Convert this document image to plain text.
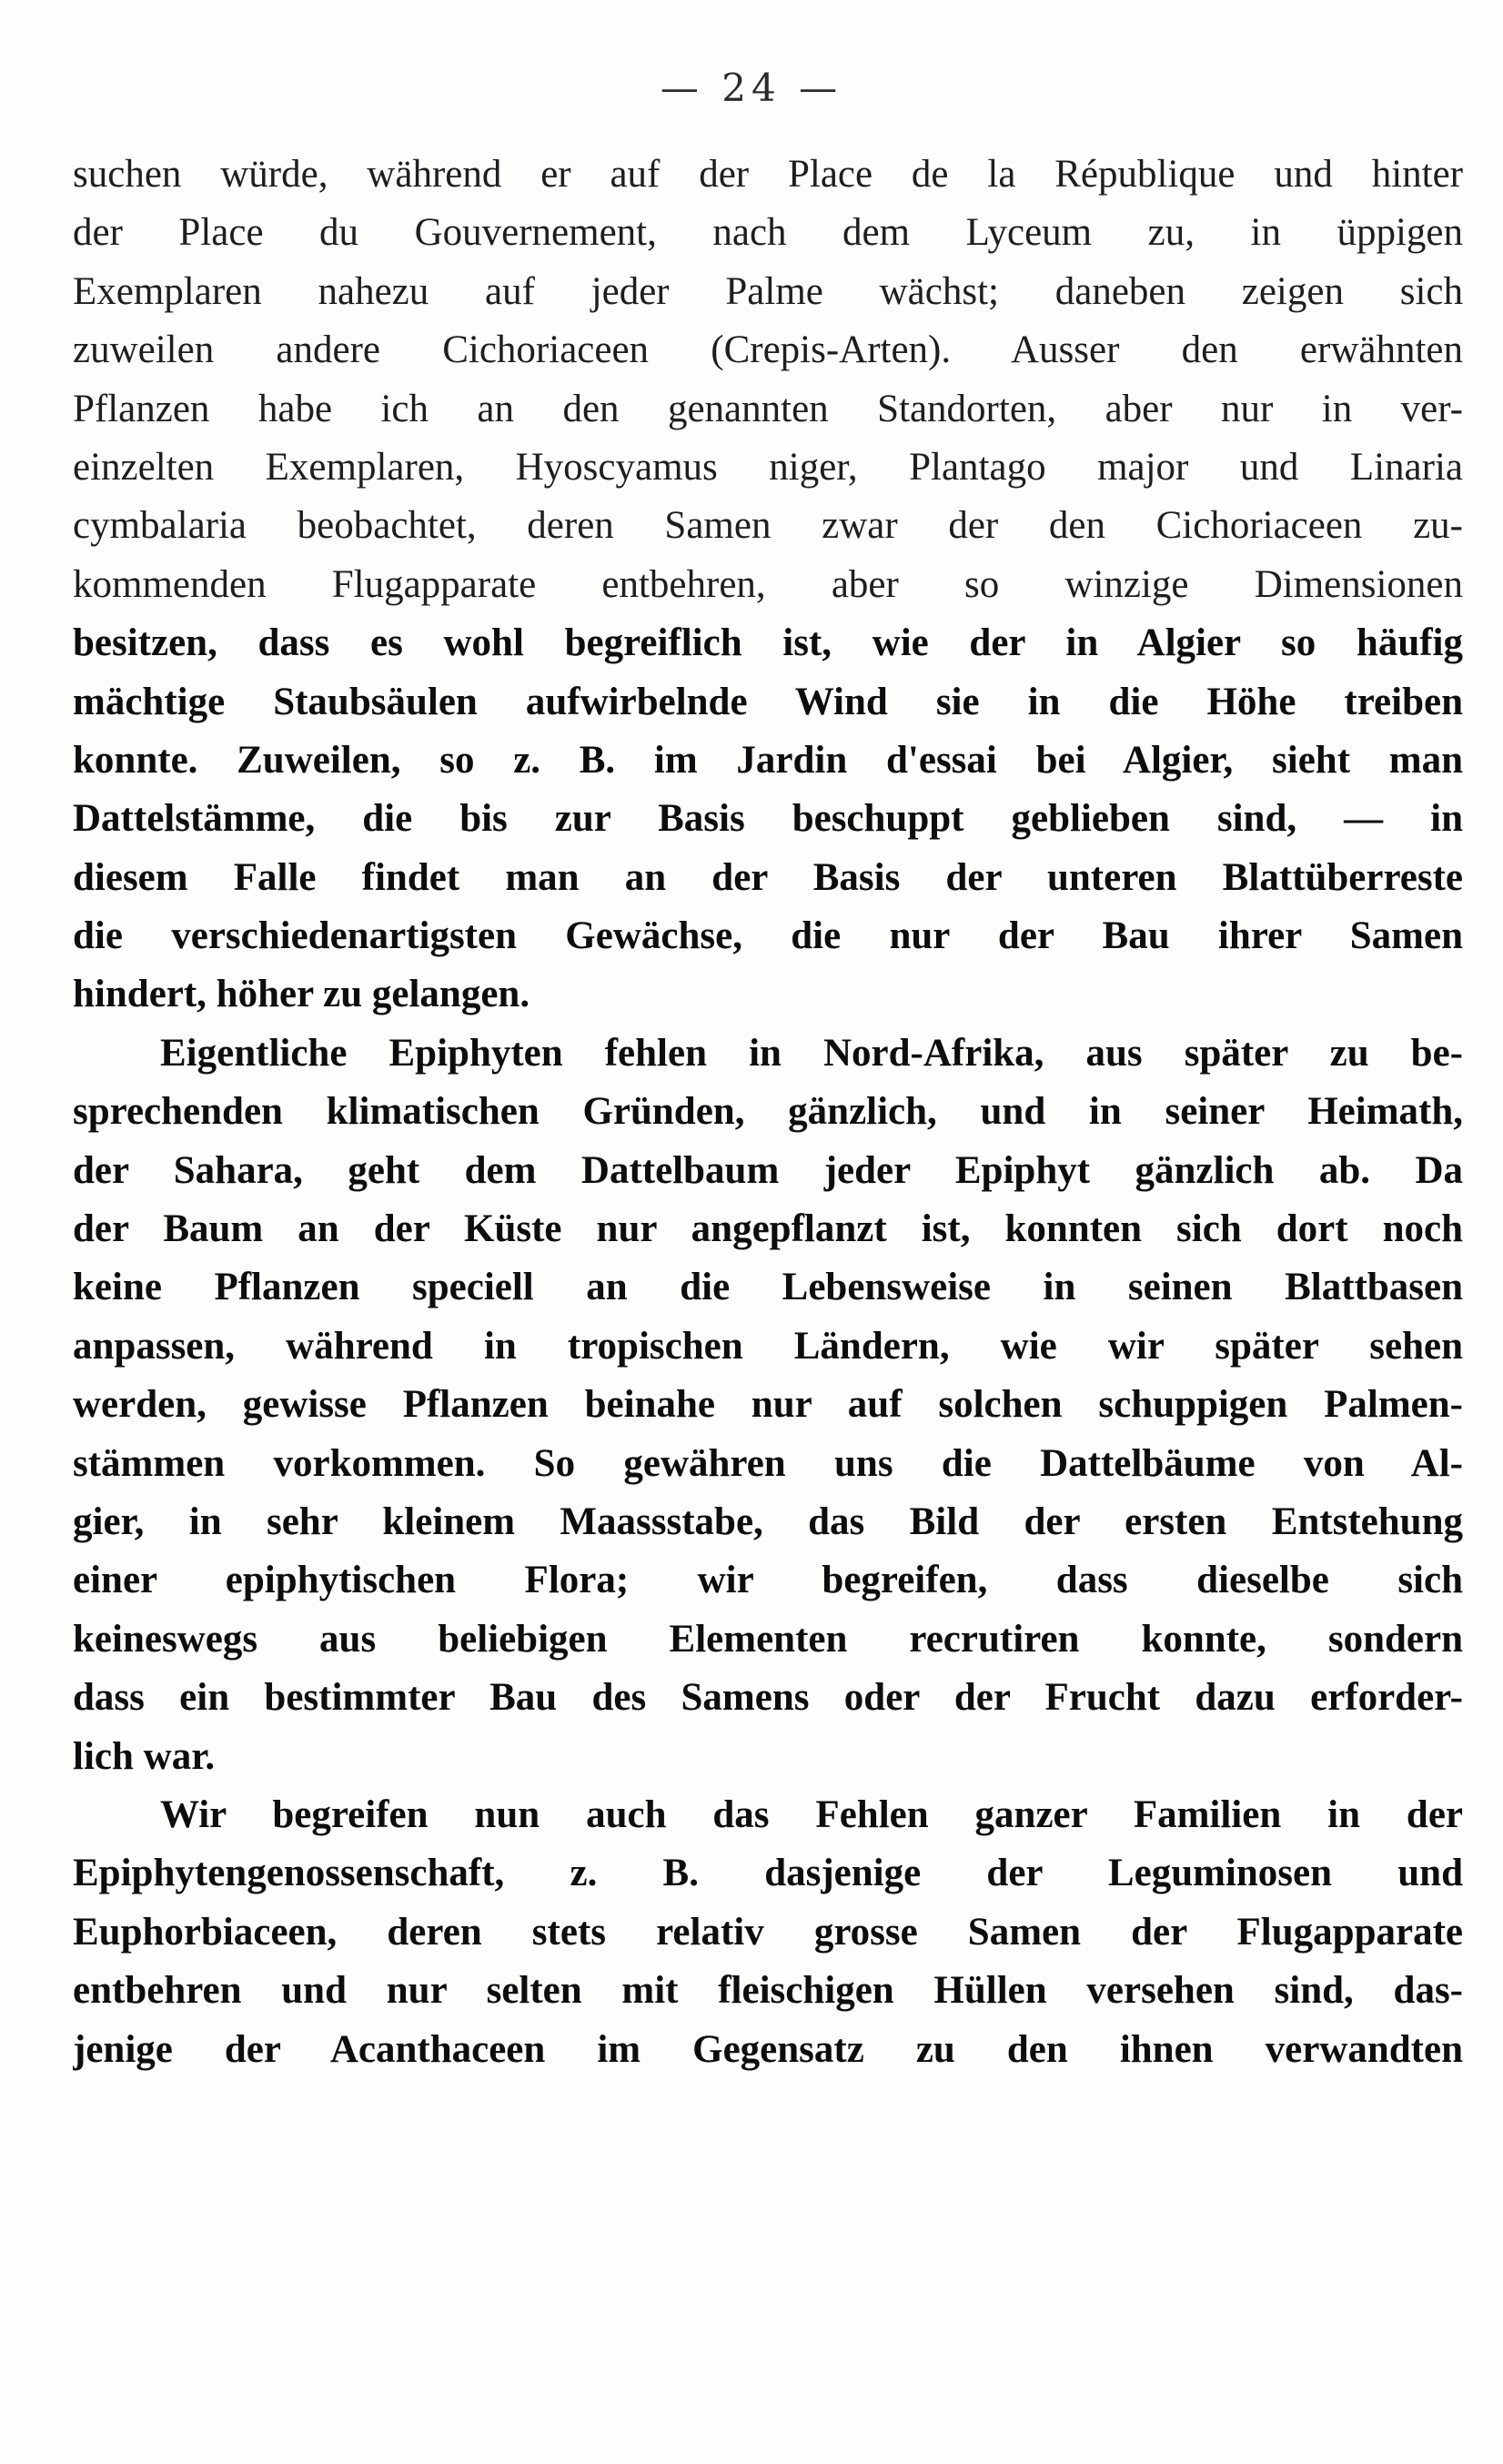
— 24 —
suchen würde, während er auf der Place de la République und hinter
der Place du Gouvernement, nach dem Lyceum zu, in üppigen
Exemplaren nahezu auf jeder Palme wächst; daneben zeigen sich
zuweilen andere Cichoriaceen (Crepis-Arten). Ausser den erwähnten
Pflanzen habe ich an den genannten Standorten, aber nur in ver-
einzelten Exemplaren, Hyoscyamus niger, Plantago major und Linaria
cymbalaria beobachtet, deren Samen zwar der den Cichoriaceen zu-
kommenden Flugapparate entbehren, aber so winzige Dimensionen
besitzen, dass es wohl begreiflich ist, wie der in Algier so häufig
mächtige Staubsäulen aufwirbelnde Wind sie in die Höhe treiben
konnte. Zuweilen, so z. B. im Jardin d'essai bei Algier, sieht man
Dattelstämme, die bis zur Basis beschuppt geblieben sind, — in
diesem Falle findet man an der Basis der unteren Blattüberreste
die verschiedenartigsten Gewächse, die nur der Bau ihrer Samen
hindert, höher zu gelangen.
Eigentliche Epiphyten fehlen in Nord-Afrika, aus später zu be-
sprechenden klimatischen Gründen, gänzlich, und in seiner Heimath,
der Sahara, geht dem Dattelbaum jeder Epiphyt gänzlich ab. Da
der Baum an der Küste nur angepflanzt ist, konnten sich dort noch
keine Pflanzen speciell an die Lebensweise in seinen Blattbasen
anpassen, während in tropischen Ländern, wie wir später sehen
werden, gewisse Pflanzen beinahe nur auf solchen schuppigen Palmen-
stämmen vorkommen. So gewähren uns die Dattelbäume von Al-
gier, in sehr kleinem Maassstabe, das Bild der ersten Entstehung
einer epiphytischen Flora; wir begreifen, dass dieselbe sich
keineswegs aus beliebigen Elementen recrutiren konnte, sondern
dass ein bestimmter Bau des Samens oder der Frucht dazu erforder-
lich war.
Wir begreifen nun auch das Fehlen ganzer Familien in der
Epiphytengenossenschaft, z. B. dasjenige der Leguminosen und
Euphorbiaceen, deren stets relativ grosse Samen der Flugapparate
entbehren und nur selten mit fleischigen Hüllen versehen sind, das-
jenige der Acanthaceen im Gegensatz zu den ihnen verwandten
